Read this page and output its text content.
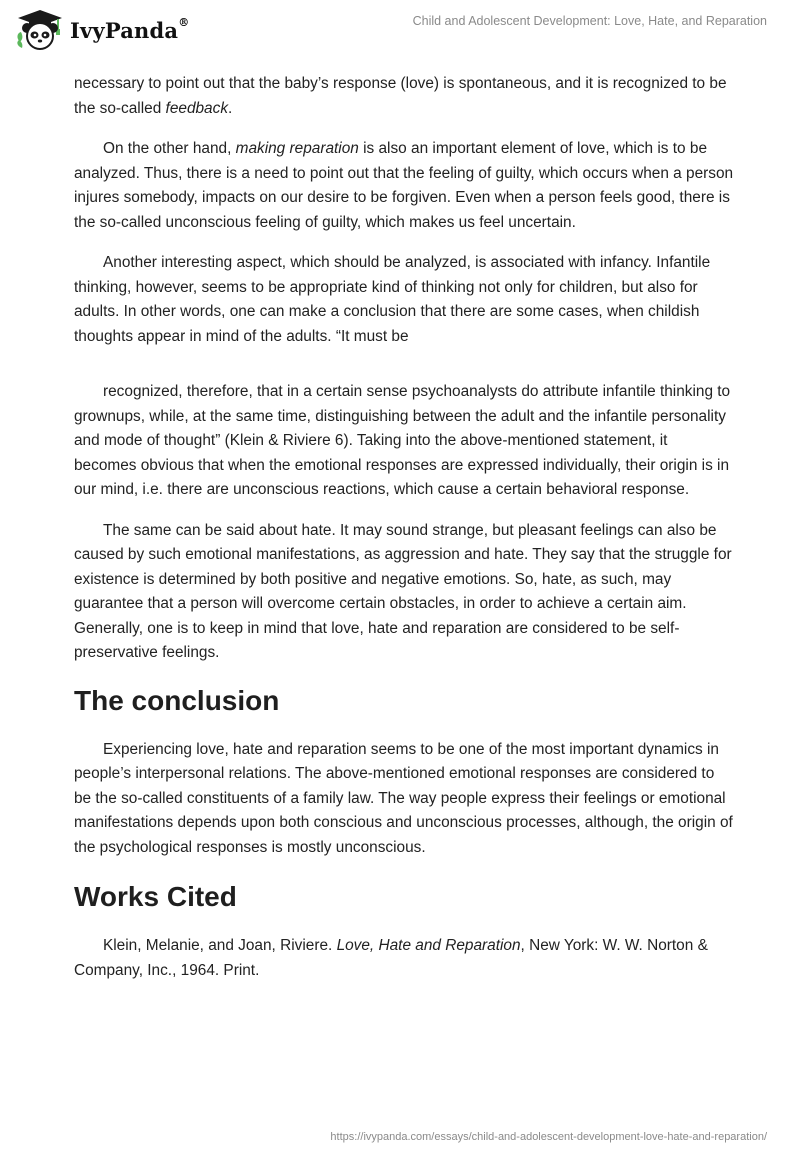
IvyPanda®	Child and Adolescent Development: Love, Hate, and Reparation

necessary to point out that the baby’s response (love) is spontaneous, and it is recognized to be the so-called feedback.

On the other hand, making reparation is also an important element of love, which is to be analyzed. Thus, there is a need to point out that the feeling of guilty, which occurs when a person injures somebody, impacts on our desire to be forgiven. Even when a person feels good, there is the so-called unconscious feeling of guilty, which makes us feel uncertain.

Another interesting aspect, which should be analyzed, is associated with infancy. Infantile thinking, however, seems to be appropriate kind of thinking not only for children, but also for adults. In other words, one can make a conclusion that there are some cases, when childish thoughts appear in mind of the adults. “It must be

recognized, therefore, that in a certain sense psychoanalysts do attribute infantile thinking to grownups, while, at the same time, distinguishing between the adult and the infantile personality and mode of thought” (Klein & Riviere 6). Taking into the above-mentioned statement, it becomes obvious that when the emotional responses are expressed individually, their origin is in our mind, i.e. there are unconscious reactions, which cause a certain behavioral response.

The same can be said about hate. It may sound strange, but pleasant feelings can also be caused by such emotional manifestations, as aggression and hate. They say that the struggle for existence is determined by both positive and negative emotions. So, hate, as such, may guarantee that a person will overcome certain obstacles, in order to achieve a certain aim. Generally, one is to keep in mind that love, hate and reparation are considered to be self-preservative feelings.

The conclusion

Experiencing love, hate and reparation seems to be one of the most important dynamics in people’s interpersonal relations. The above-mentioned emotional responses are considered to be the so-called constituents of a family law. The way people express their feelings or emotional manifestations depends upon both conscious and unconscious processes, although, the origin of the psychological responses is mostly unconscious.

Works Cited

Klein, Melanie, and Joan, Riviere. Love, Hate and Reparation, New York: W. W. Norton & Company, Inc., 1964. Print.

https://ivypanda.com/essays/child-and-adolescent-development-love-hate-and-reparation/
